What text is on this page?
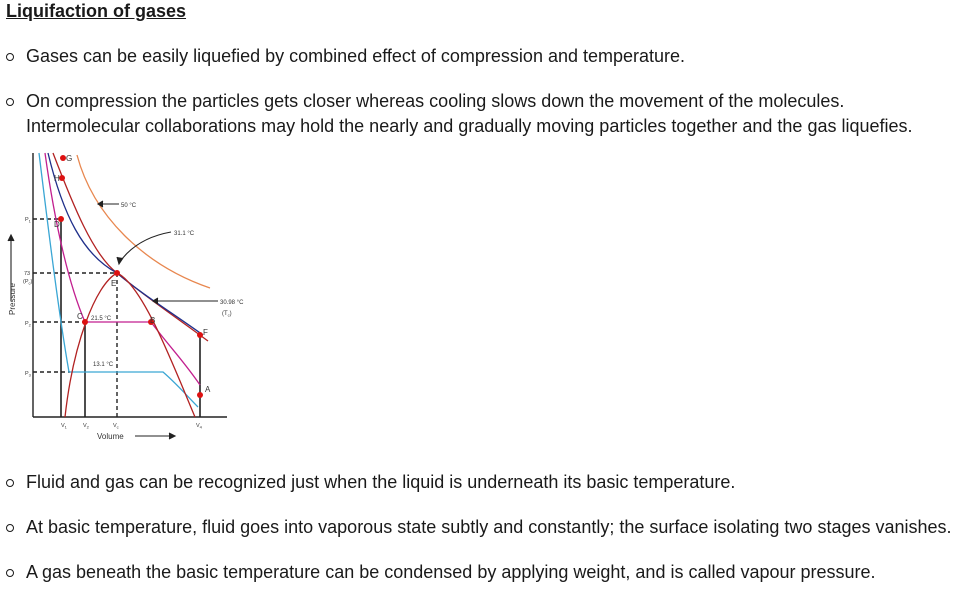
Liquifaction of gases
Gases can be easily liquefied by combined effect of compression and temperature.
On compression the particles gets closer whereas cooling slows down the movement of the molecules. Intermolecular collaborations may hold the nearly and gradually moving particles together and the gas liquefies.
G
H
D
E
C	B
F
A
50 °C
31.1 °C
30.98 °C
$(T_c)$
21.5 °C
13.1 °C
$P_1$
73
$(P_c)$
$P_2$
$P_3$
$V_1$	$V_2$	$V_c$	$V_4$
Volume
Pressure
Fluid and gas can be recognized just when the liquid is underneath its basic temperature.
At basic temperature, fluid goes into vaporous state subtly and constantly; the surface isolating two stages vanishes.
A gas beneath the basic temperature can be condensed by applying weight, and is called vapour pressure.
